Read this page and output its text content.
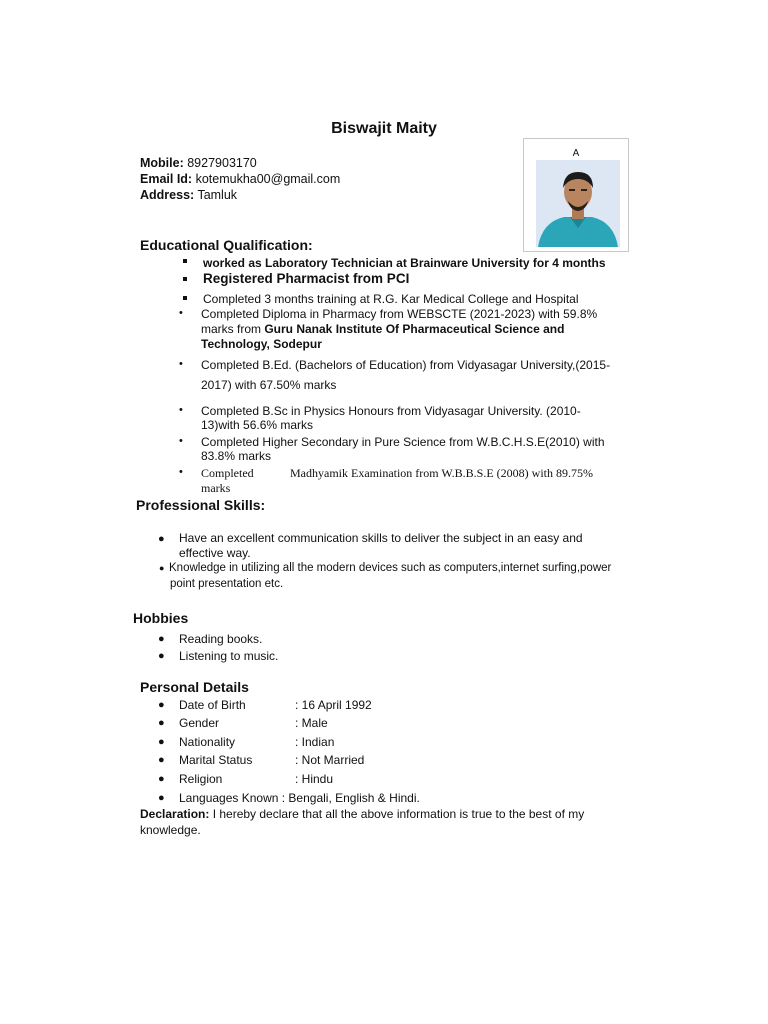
Biswajit Maity
Mobile: 8927903170
Email Id: kotemukha00@gmail.com
Address: Tamluk
A
Educational Qualification:
worked as Laboratory Technician at Brainware University for 4 months
Registered Pharmacist from PCI
Completed 3 months training at R.G. Kar Medical College and Hospital
• Completed Diploma in Pharmacy from WEBSCTE (2021-2023) with 59.8%
marks from Guru Nanak Institute Of Pharmaceutical Science and
Technology, Sodepur
• Completed B.Ed. (Bachelors of Education) from Vidyasagar University,(2015-
2017) with 67.50% marks
• Completed B.Sc in Physics Honours from Vidyasagar University. (2010-
13)with 56.6% marks
• Completed Higher Secondary in Pure Science from W.B.C.H.S.E(2010) with
83.8% marks
• Completed	Madhyamik Examination from W.B.B.S.E (2008) with 89.75%
marks
Professional Skills:
● Have an excellent communication skills to deliver the subject in an easy and
effective way.
● Knowledge in utilizing all the modern devices such as computers,internet surfing,power
point presentation etc.
Hobbies
● Reading books.
● Listening to music.
Personal Details
● Date of Birth	: 16 April 1992
● Gender	: Male
● Nationality	: Indian
● Marital Status	: Not Married
● Religion	: Hindu
● Languages Known : Bengali, English & Hindi.
Declaration: I hereby declare that all the above information is true to the best of my
knowledge.
